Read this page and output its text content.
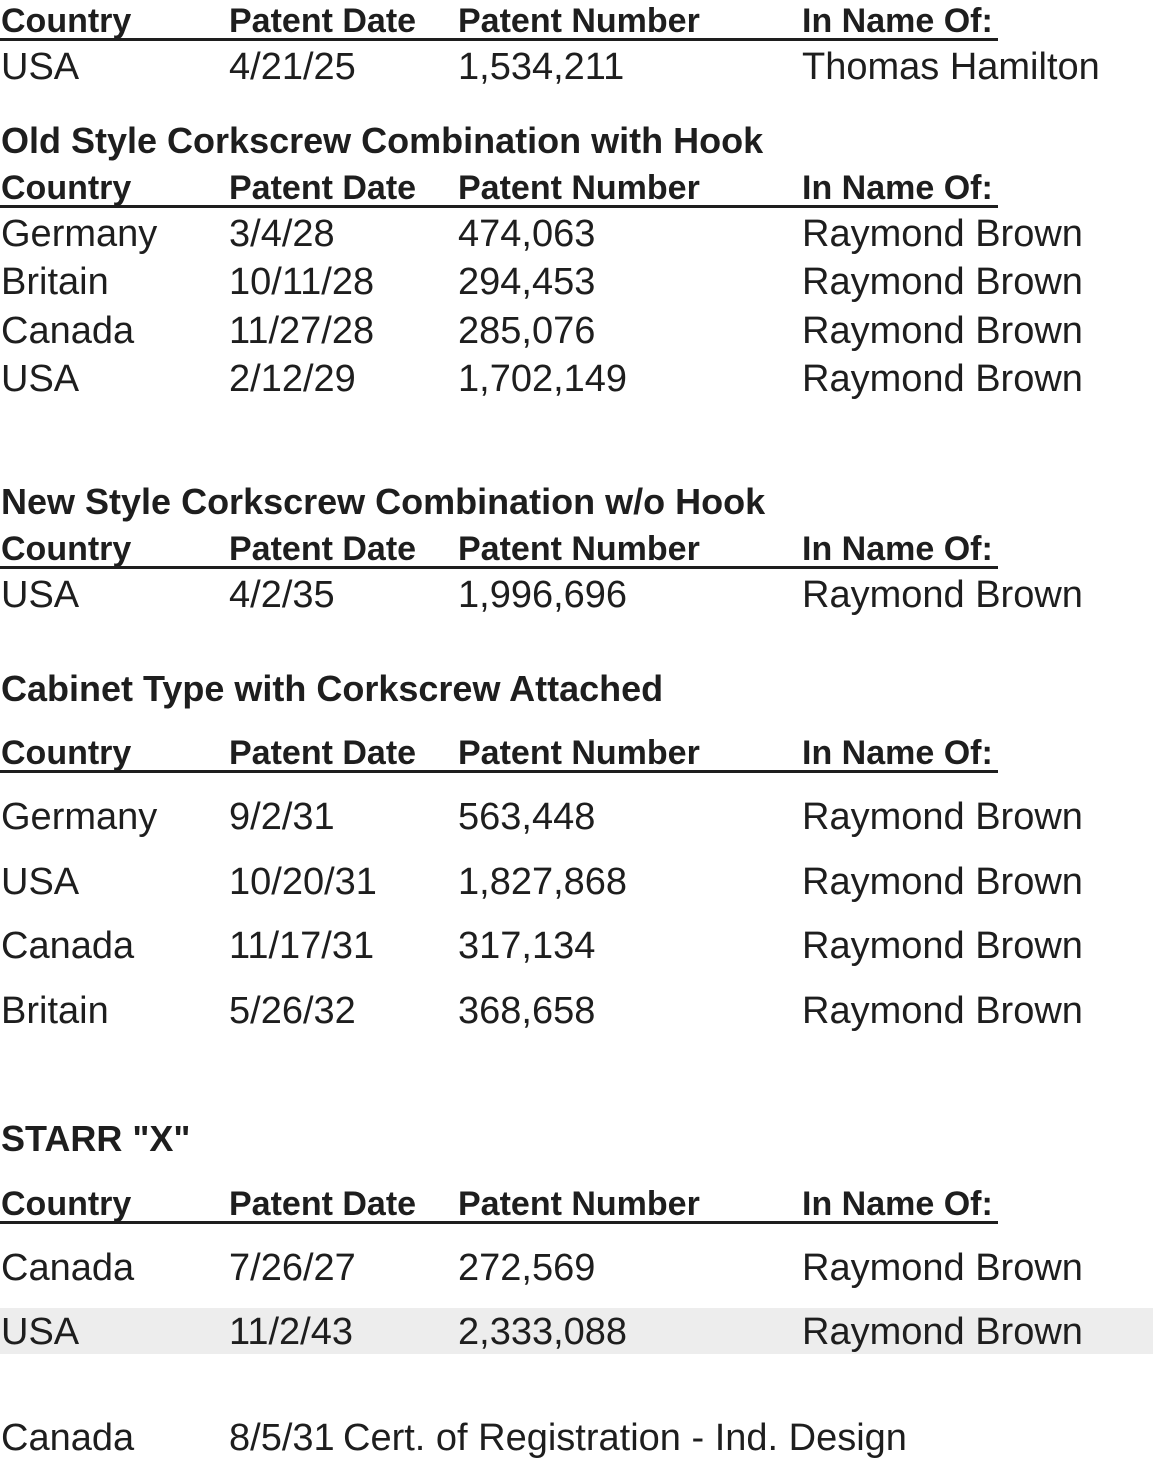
Country	Patent Date Patent Number	In Name Of:
USA	4/21/25	1,534,211	Thomas Hamilton
Old Style Corkscrew Combination with Hook
Country	Patent Date Patent Number	In Name Of:
Germany 3/4/28	474,063	Raymond Brown
Britain	10/11/28 294,453	Raymond Brown
Canada 11/27/28 285,076	Raymond Brown
USA	2/12/29	1,702,149	Raymond Brown
New Style Corkscrew Combination w/o Hook
Country	Patent Date Patent Number	In Name Of:
USA	4/2/35	1,996,696	Raymond Brown
Cabinet Type with Corkscrew Attached
Country	Patent Date Patent Number	In Name Of:
Germany 9/2/31	563,448	Raymond Brown
USA	10/20/31 1,827,868	Raymond Brown
Canada 11/17/31 317,134	Raymond Brown
Britain	5/26/32	368,658	Raymond Brown
STARR "X"
Country	Patent Date Patent Number	In Name Of:
Canada 7/26/27	272,569	Raymond Brown
USA	11/2/43	2,333,088	Raymond Brown
Canada 8/5/31 Cert. of Registration - Ind. Design
